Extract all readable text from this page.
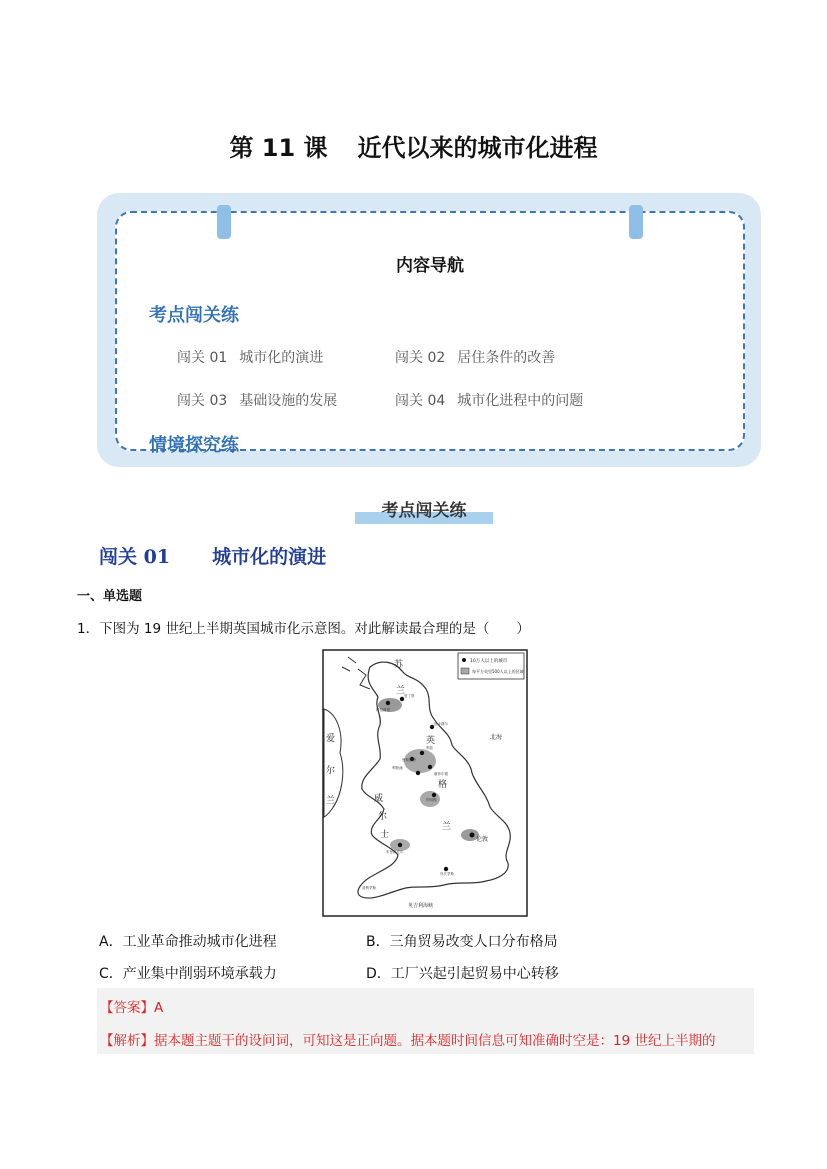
第 11 课 近代以来的城市化进程
内容导航
考点闯关练
闯关 01 城市化的演进	闯关 02 居住条件的改善
闯关 03 基础设施的发展	闯关 04 城市化进程中的问题
情境探究练
考点闯关练
闯关 01 城市化的演进
一、单选题
1．下图为 19 世纪上半期英国城市化示意图。对此解读最合理的是（　　）
10万人以上的城市
每平方英里500人以上的区域
苏
兰
爱
尔
兰
英
格
兰
威
尔
士
北海
伦敦
英吉利海峡
曼彻斯特
利物浦
伯明翰
布里斯托尔
利兹
谢菲尔德
纽卡斯尔
格拉斯哥
爱丁堡
普利茅斯
朴次茅斯
A．工业革命推动城市化进程	B．三角贸易改变人口分布格局
C．产业集中削弱环境承载力	D．工厂兴起引起贸易中心转移
【答案】A
【解析】据本题主题干的设问词，可知这是正向题。据本题时间信息可知准确时空是：19 世纪上半期的
